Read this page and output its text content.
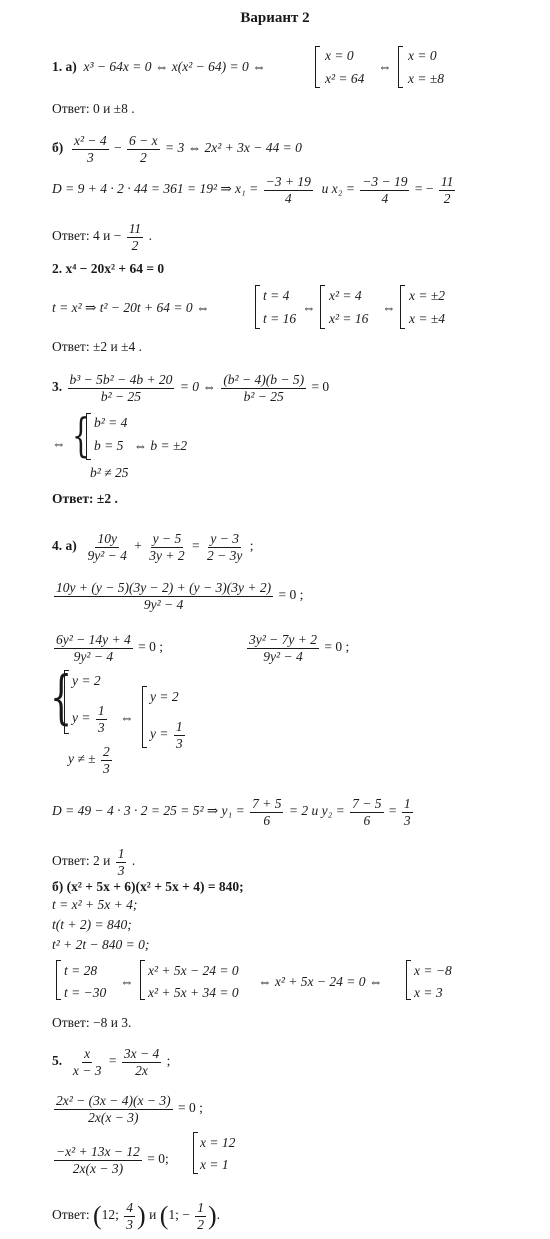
Вариант 2
1. а) x³ − 64x = 0 ⇔ x(x² − 64) = 0 ⇔
x = 0
x² = 64
⇔
x = 0
x = ±8
Ответ: 0 и ±8 .
$б) \frac{\text{x² − 4}}{3} - \frac{6 - x}{2} = 3$ ⇔ 2x² + 3x − 44 = 0
D = 9 + 4 · 2 · 44 = 361 = 19² ⇒ $x_1 = \frac{-3 + 19}{4}$ и $x_2 = \frac{-3 - 19}{4}$ = − $\frac{11}{2}$
Ответ: 4 $и - \frac{11}{2}$ .
2. x⁴ − 20x² + 64 = 0
t = x² ⇒ t² − 20t + 64 = 0 ⇔
t = 4
t = 16
⇔
x² = 4
x² = 16
⇔
x = ±2
x = ±4
Ответ: ±2 и ±4 .
3. $\frac{\text{b³ − 5b² − 4b + 20}}{\text{b² − 25}} = 0$ ⇔ $\frac{\text{(b² − 4)(b − 5)}}{\text{b² − 25}} = 0$
⇔ { b² = 4
b = 5 ⇔ b = ±2
b² ≠ 25
Ответ: ±2 .
4. $а) \frac{10y}{\text{9y² − 4}} + \frac{y - 5}{3y + 2} = \frac{y - 3}{2 - 3y}$ ;
$\frac{10y + (y - 5)(3y - 2) + (y - 3)(3y + 2)}{\text{9y² − 4}} = 0$ ;
$\frac{\text{6y² − 14y + 4}}{\text{9y² − 4}} = 0$ ;	$\frac{\text{3y² − 7y + 2}}{\text{9y² − 4}} = 0$ ;
{ y = 2
$y = \frac{1}{3}$ ⇔
y ≠ ± $\frac{2}{3}$
y = 2
$y = \frac{1}{3}$
D = 49 − 4 · 3 · 2 = 25 = 5² ⇒ $y_1 = \frac{7 + 5}{6} = 2$ и $y_2 = \frac{7 - 5}{6} = \frac{1}{3}$
Ответ: 2 и $\frac{1}{3}$ .
б) (x² + 5x + 6)(x² + 5x + 4) = 840;
t = x² + 5x + 4;
t(t + 2) = 840;
t² + 2t − 840 = 0;
t = 28
t = −30
⇔
x² + 5x − 24 = 0
x² + 5x + 34 = 0
⇔ x² + 5x − 24 = 0 ⇔
x = −8
x = 3
Ответ: −8 и 3.
5. $\frac{x}{x - 3} = \frac{3x - 4}{2x}$ ;
$\frac{\text{2x² − (3x − 4)(x − 3)}}{2x(x - 3)} = 0$ ;
$\frac{\text{−x² + 13x − 12}}{2x(x - 3)} = 0$;
x = 12
x = 1
Ответ: (12; $\frac{4}{3}$ ) и (1; − $\frac{1}{2}$ ).
